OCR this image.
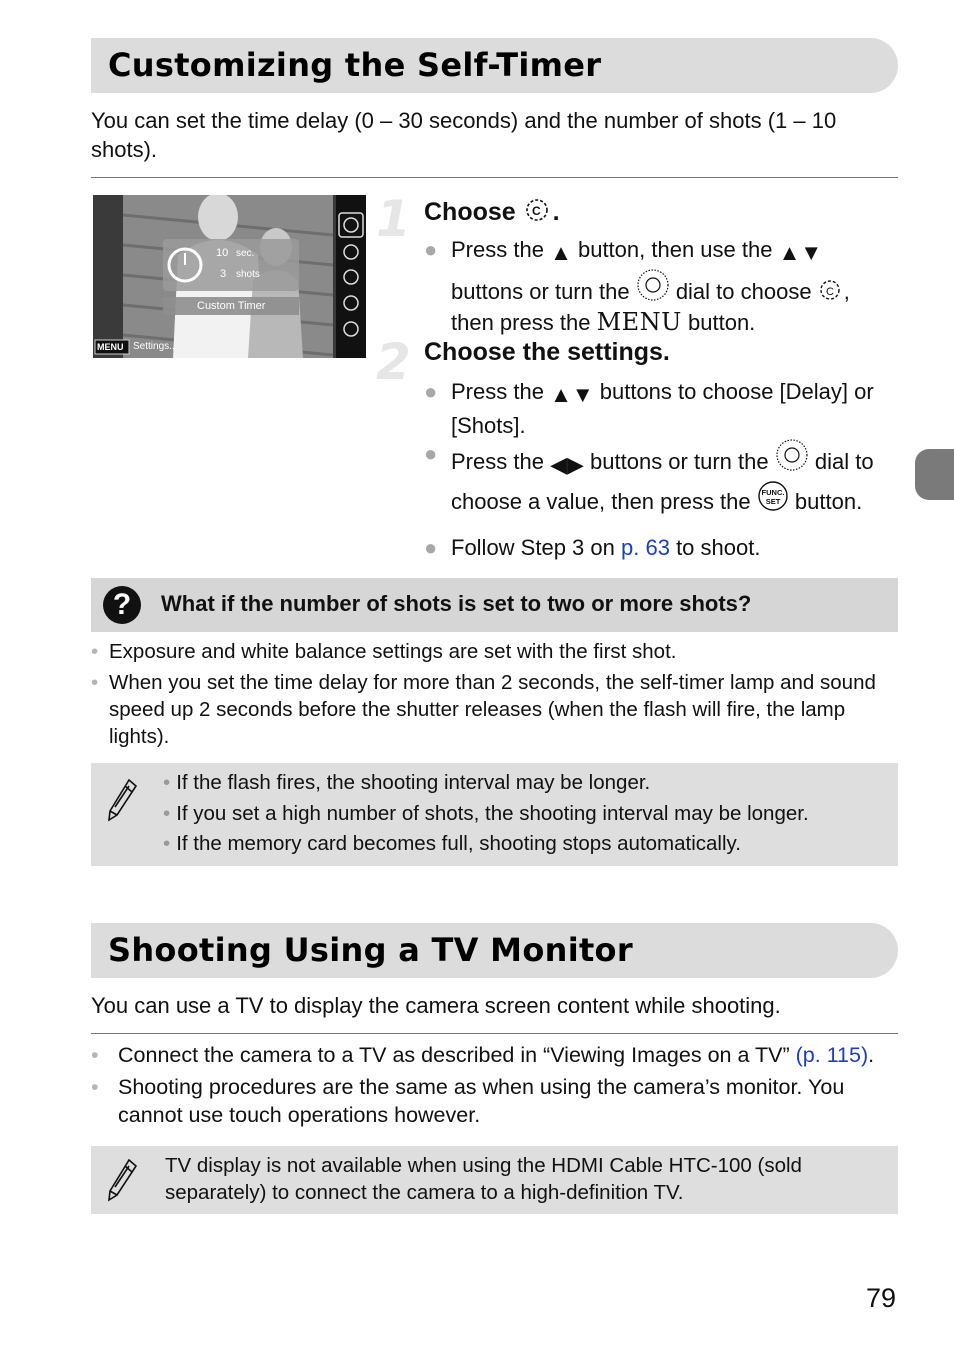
Customizing the Self-Timer
You can set the time delay (0 – 30 seconds) and the number of shots (1 – 10 shots).
10 sec.
3 shots
Custom Timer
MENU Settings...
1 Choose C .
● Press the ▲ button, then use the ▲▼ buttons or turn the dial to choose C , then press the MENU button.
2 Choose the settings.
● Press the ▲▼ buttons to choose [Delay] or [Shots].
● Press the ◀▶ buttons or turn the dial to choose a value, then press the FUNC.
SET button.
● Follow Step 3 on p. 63 to shoot.
?	What if the number of shots is set to two or more shots?
• Exposure and white balance settings are set with the first shot.
• When you set the time delay for more than 2 seconds, the self-timer lamp and sound speed up 2 seconds before the shutter releases (when the flash will fire, the lamp lights).
• If the flash fires, the shooting interval may be longer.
• If you set a high number of shots, the shooting interval may be longer.
• If the memory card becomes full, shooting stops automatically.
Shooting Using a TV Monitor
You can use a TV to display the camera screen content while shooting.
• Connect the camera to a TV as described in “Viewing Images on a TV” (p. 115).
• Shooting procedures are the same as when using the camera’s monitor. You cannot use touch operations however.
TV display is not available when using the HDMI Cable HTC-100 (sold separately) to connect the camera to a high-definition TV.
79
